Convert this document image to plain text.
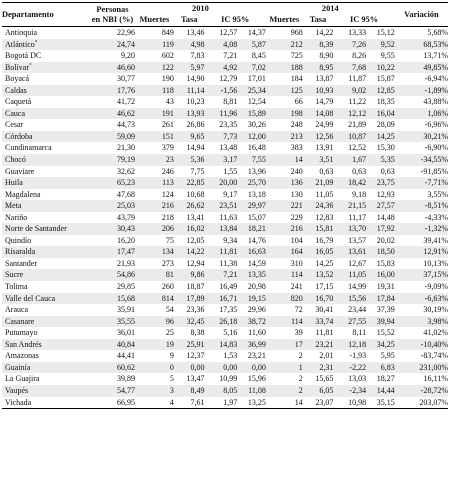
Departamento	Personas
en NBI (%)	2010				2014				Variación
		Muertes	Tasa	IC 95%		Muertes	Tasa	IC 95%		
Antioquia	22,96	849	13,46	12,57	14,37	968	14,22	13,33	15,12	5,68%
Atlántico*	24,74	119	4,98	4,08	5,87	212	8,39	7,26	9,52	68,53%
Bogotá DC	9,20	602	7,83	7,21	8,45	725	8,90	8,26	9,55	13,71%
Bolívar*	46,60	122	5,97	4,92	7,02	188	8,95	7,68	10,22	49,85%
Boyacá	30,77	190	14,90	12,79	17,01	184	13,87	11,87	15,87	-6,94%
Caldas	17,76	118	11,14	-1,56	25,34	125	10,93	9,02	12,85	-1,89%
Caquetá	41,72	43	10,23	8,81	12,54	66	14,79	11,22	18,35	43,88%
Cauca	46,62	191	13,93	11,96	15,89	198	14,08	12,12	16,04	1,06%
Cesar	44,73	261	26,86	23,35	30,26	248	24,99	21,89	28,09	-6,96%
Córdoba	59,09	151	9,65	7,73	12,00	213	12,56	10,87	14,25	30,21%
Cundinamarca	21,30	379	14,94	13,48	16,48	383	13,91	12,52	15,30	-6,90%
Chocó	79,19	23	5,36	3,17	7,55	14	3,51	1,67	5,35	-34,55%
Guaviare	32,62	246	7,75	1,55	13,96	240	0,63	0,63	0,63	-91,85%
Huila	65,23	113	22,85	20,00	25,70	136	21,09	18,42	23,75	-7,71%
Magdalena	47,68	124	10,68	9,17	13,18	130	11,05	9,18	12,93	3,55%
Meta	25,03	216	26,62	23,51	29,97	221	24,36	21,15	27,57	-8,51%
Nariño	43,79	218	13,41	11,63	15,07	229	12,83	11,17	14,48	-4,33%
Norte de Santander	30,43	206	16,02	13,84	18,21	216	15,81	13,70	17,92	-1,32%
Quindío	16,20	75	12,05	9,34	14,76	104	16,79	13,57	20,02	39,41%
Risaralda	17,47	134	14,22	11,81	16,63	164	16,05	13,61	18,50	12,91%
Santander	21,93	273	12,94	11,38	14,59	310	14,25	12,67	15,83	10,13%
Sucre	54,86	81	9,86	7,21	13,35	114	13,52	11,05	16,00	37,15%
Tolima	29,85	260	18,87	16,49	20,98	241	17,15	14,99	19,31	-9,09%
Valle del Cauca	15,68	814	17,89	16,71	19,15	820	16,70	15,56	17,84	-6,63%
Arauca	35,91	54	23,36	17,35	29,96	72	30,41	23,44	37,39	30,19%
Casanare	35,55	96	32,45	26,18	38,72	114	33,74	27,55	39,94	3,98%
Putumayo	36,01	25	8,38	5,16	11,60	39	11,81	8,11	15,52	41,02%
San Andrés	40,84	19	25,91	14,83	36,99	17	23,21	12,18	34,25	-10,40%
Amazonas	44,41	9	12,37	1,53	23,21	2	2,01	-1,93	5,95	-83,74%
Guainía	60,62	0	0,00	0,00	0,00	1	2,31	-2,22	6,83	231,00%
La Guajira	39,89	5	13,47	10,99	15,96	2	15,65	13,03	18,27	16,11%
Vaupés	54,77	3	8,49	8,05	11,08	2	6,05	-2,34	14,44	-28,72%
Vichada	66,95	4	7,61	1,97	13,25	14	23,07	10,98	35,15	203,07%
